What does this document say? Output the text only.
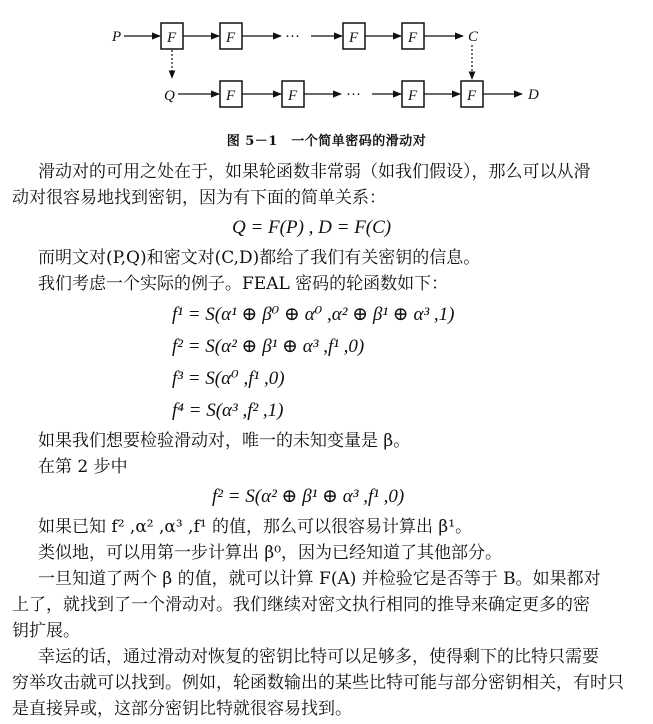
P	F	F	···	F	F	C
Q	F	F	···	F	F	D
图 5－1　一个简单密码的滑动对
滑动对的可用之处在于，如果轮函数非常弱（如我们假设），那么可以从滑
动对很容易地找到密钥，因为有下面的简单关系：
Q = F(P) , D = F(C)
而明文对(P,Q)和密文对(C,D)都给了我们有关密钥的信息。
我们考虑一个实际的例子。FEAL 密码的轮函数如下：
f¹ = S(α¹ ⊕ β⁰ ⊕ α⁰ ,α² ⊕ β¹ ⊕ α³ ,1)
f² = S(α² ⊕ β¹ ⊕ α³ ,f¹ ,0)
f³ = S(α⁰ ,f¹ ,0)
f⁴ = S(α³ ,f² ,1)
如果我们想要检验滑动对，唯一的未知变量是 β。
在第 2 步中
f² = S(α² ⊕ β¹ ⊕ α³ ,f¹ ,0)
如果已知 f² ,α² ,α³ ,f¹ 的值，那么可以很容易计算出 β¹。
类似地，可以用第一步计算出 β⁰，因为已经知道了其他部分。
一旦知道了两个 β 的值，就可以计算 F(A) 并检验它是否等于 B。如果都对
上了，就找到了一个滑动对。我们继续对密文执行相同的推导来确定更多的密
钥扩展。
幸运的话，通过滑动对恢复的密钥比特可以足够多，使得剩下的比特只需要
穷举攻击就可以找到。例如，轮函数输出的某些比特可能与部分密钥相关，有时只
是直接异或，这部分密钥比特就很容易找到。
